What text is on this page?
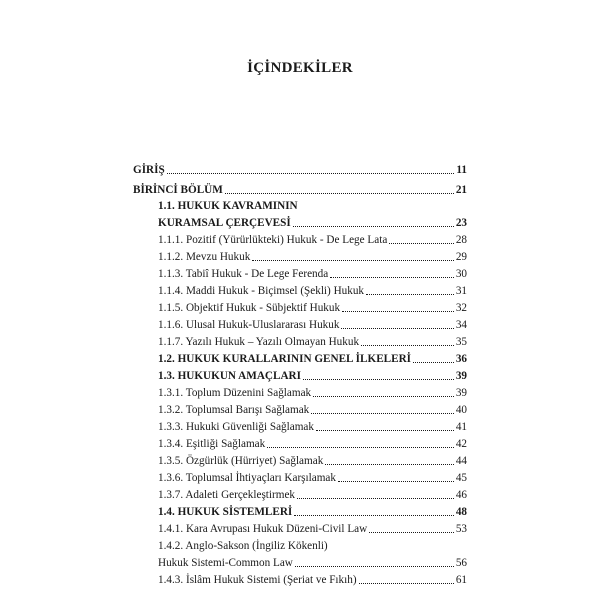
İÇİNDEKİLER
GİRİŞ	11
BİRİNCİ BÖLÜM	21
1.1. HUKUK KAVRAMININ
KURAMSAL ÇERÇEVESİ	23
1.1.1. Pozitif (Yürürlükteki) Hukuk - De Lege Lata	28
1.1.2. Mevzu Hukuk	29
1.1.3. Tabiî Hukuk - De Lege Ferenda	30
1.1.4. Maddi Hukuk - Biçimsel (Şekli) Hukuk	31
1.1.5. Objektif Hukuk - Sübjektif Hukuk	32
1.1.6. Ulusal Hukuk-Uluslararası Hukuk	34
1.1.7. Yazılı Hukuk – Yazılı Olmayan Hukuk	35
1.2. HUKUK KURALLARININ GENEL İLKELERİ	36
1.3. HUKUKUN AMAÇLARI	39
1.3.1. Toplum Düzenini Sağlamak	39
1.3.2. Toplumsal Barışı Sağlamak	40
1.3.3. Hukuki Güvenliği Sağlamak	41
1.3.4. Eşitliği Sağlamak	42
1.3.5. Özgürlük (Hürriyet) Sağlamak	44
1.3.6. Toplumsal İhtiyaçları Karşılamak	45
1.3.7. Adaleti Gerçekleştirmek	46
1.4. HUKUK SİSTEMLERİ	48
1.4.1. Kara Avrupası Hukuk Düzeni-Civil Law	53
1.4.2. Anglo-Sakson (İngiliz Kökenli)
Hukuk Sistemi-Common Law	56
1.4.3. İslâm Hukuk Sistemi (Şeriat ve Fıkıh)	61
